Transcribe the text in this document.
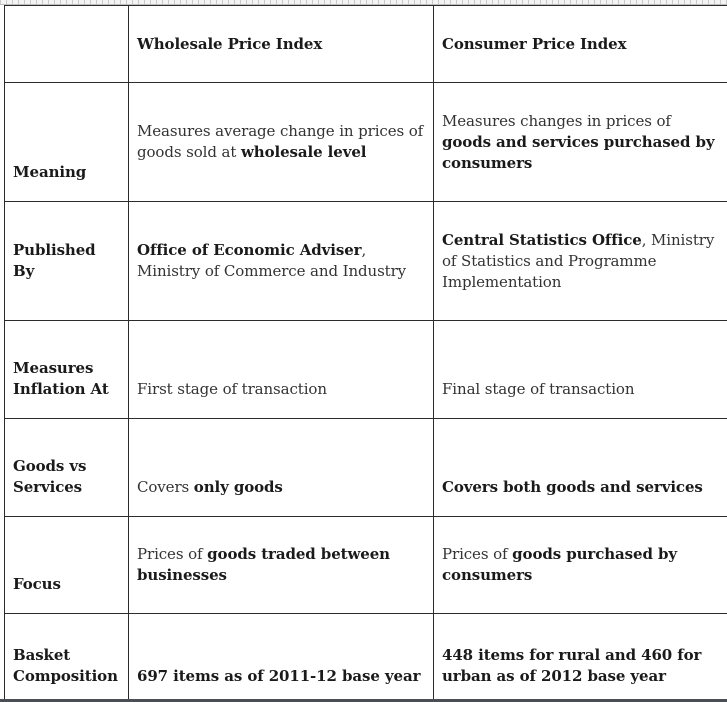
	Wholesale Price Index	Consumer Price Index
Meaning	Measures average change in prices of goods sold at wholesale level	Measures changes in prices of goods and services purchased by consumers
Published By	Office of Economic Adviser, Ministry of Commerce and Industry	Central Statistics Office, Ministry of Statistics and Programme Implementation
Measures Inflation At	First stage of transaction	Final stage of transaction
Goods vs Services	Covers only goods	Covers both goods and services
Focus	Prices of goods traded between businesses	Prices of goods purchased by consumers
Basket Composition	697 items as of 2011-12 base year	448 items for rural and 460 for urban as of 2012 base year
